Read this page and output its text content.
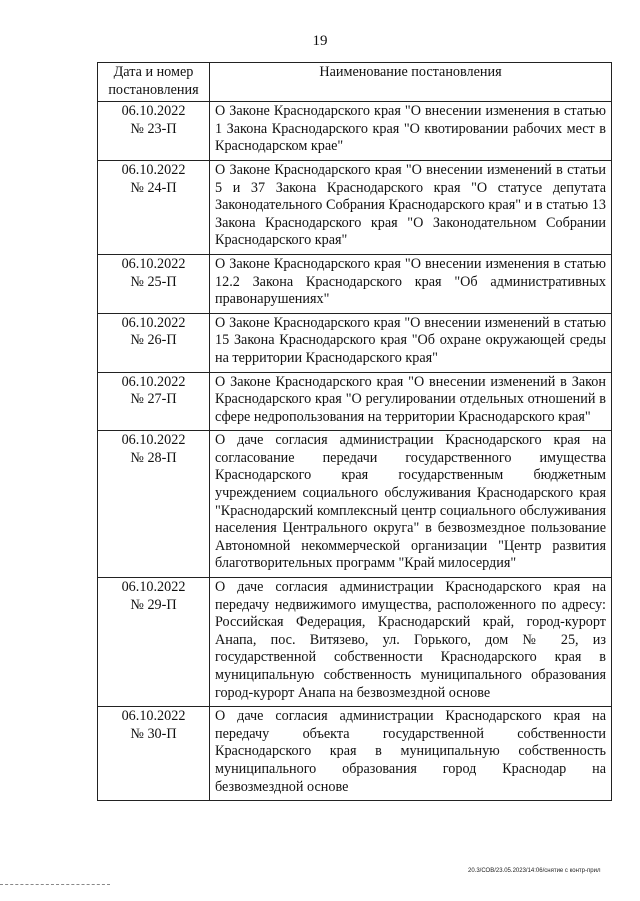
19
Дата и номер постановления	Наименование постановления

06.10.2022
№ 23-П	О Законе Краснодарского края "О внесении изменения в статью 1 Закона Краснодарского края "О квотировании рабочих мест в Краснодарском крае"

06.10.2022
№ 24-П	О Законе Краснодарского края "О внесении изменений в статьи 5 и 37 Закона Краснодарского края "О статусе депутата Законодательного Собрания Краснодарского края" и в статью 13 Закона Краснодарского края "О Законодательном Собрании Краснодарского края"

06.10.2022
№ 25-П	О Законе Краснодарского края "О внесении изменения в статью 12.2 Закона Краснодарского края "Об административных правонарушениях"

06.10.2022
№ 26-П	О Законе Краснодарского края "О внесении изменений в статью 15 Закона Краснодарского края "Об охране окружающей среды на территории Краснодарского края"

06.10.2022
№ 27-П	О Законе Краснодарского края "О внесении изменений в Закон Краснодарского края "О регулировании отдельных отношений в сфере недропользования на территории Краснодарского края"

06.10.2022
№ 28-П	О даче согласия администрации Краснодарского края на согласование передачи государственного имущества Краснодарского края государственным бюджетным учреждением социального обслуживания Краснодарского края "Краснодарский комплексный центр социального обслуживания населения Центрального округа" в безвозмездное пользование Автономной некоммерческой организации "Центр развития благотворительных программ "Край милосердия"

06.10.2022
№ 29-П	О даче согласия администрации Краснодарского края на передачу недвижимого имущества, расположенного по адресу: Российская Федерация, Краснодарский край, город-курорт Анапа, пос. Витязево, ул. Горького, дом № 25, из государственной собственности Краснодарского края в муниципальную собственность муниципального образования город-курорт Анапа на безвозмездной основе

06.10.2022
№ 30-П	О даче согласия администрации Краснодарского края на передачу объекта государственной собственности Краснодарского края в муниципальную собственность муниципального образования город Краснодар на безвозмездной основе
20.3/СОВ/23.05.2023/14:06/снятие с контр-прил
